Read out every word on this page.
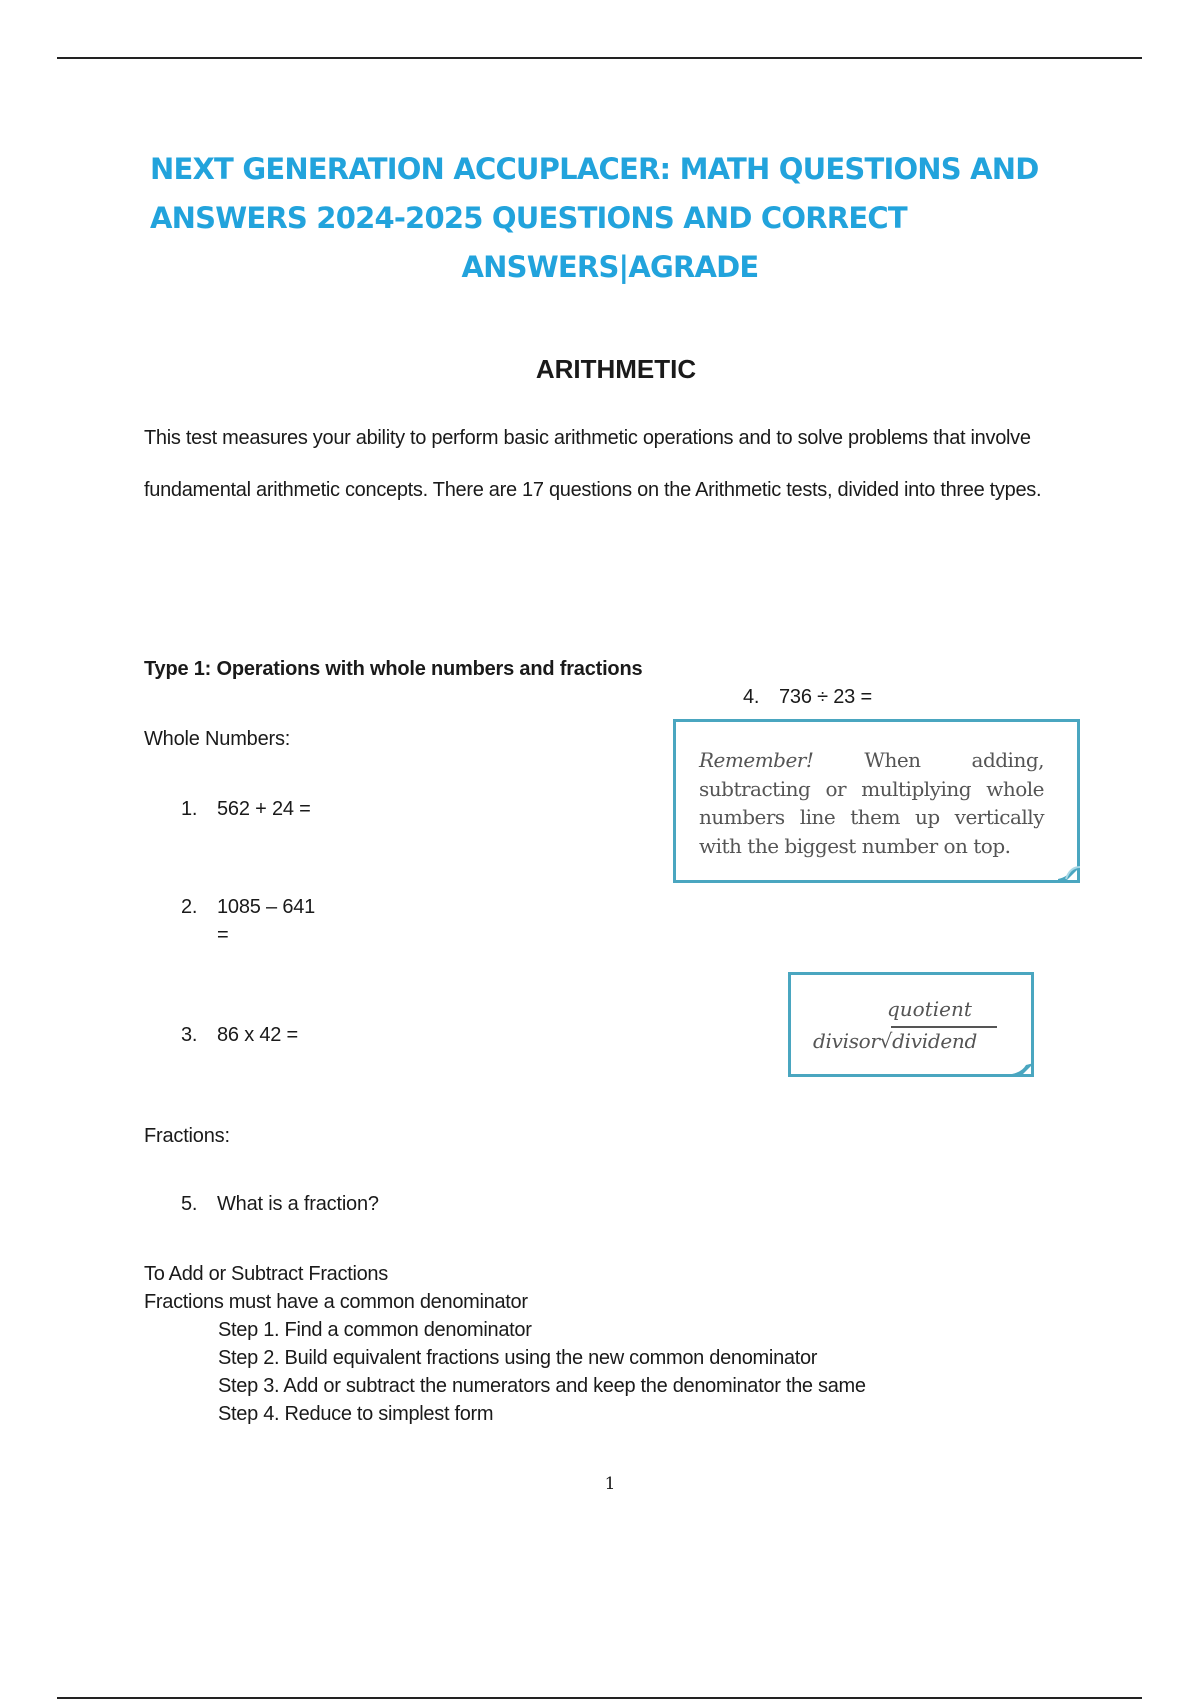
NEXT GENERATION ACCUPLACER: MATH QUESTIONS AND
ANSWERS 2024-2025 QUESTIONS AND CORRECT
ANSWERS|AGRADE
ARITHMETIC
This test measures your ability to perform basic arithmetic operations and to solve problems that involve fundamental arithmetic concepts. There are 17 questions on the Arithmetic tests, divided into three types.
Type 1: Operations with whole numbers and fractions
4. 736 ÷ 23 =
Whole Numbers:
Remember!	When adding, subtracting or multiplying whole numbers line them up vertically with the biggest number on top.
1. 562 + 24 =
2. 1085 – 641
=
quotient
divisor√dividend
3. 86 x 42 =
Fractions:
5. What is a fraction?
To Add or Subtract Fractions
Fractions must have a common denominator
Step 1. Find a common denominator
Step 2. Build equivalent fractions using the new common denominator
Step 3. Add or subtract the numerators and keep the denominator the same
Step 4. Reduce to simplest form
1
